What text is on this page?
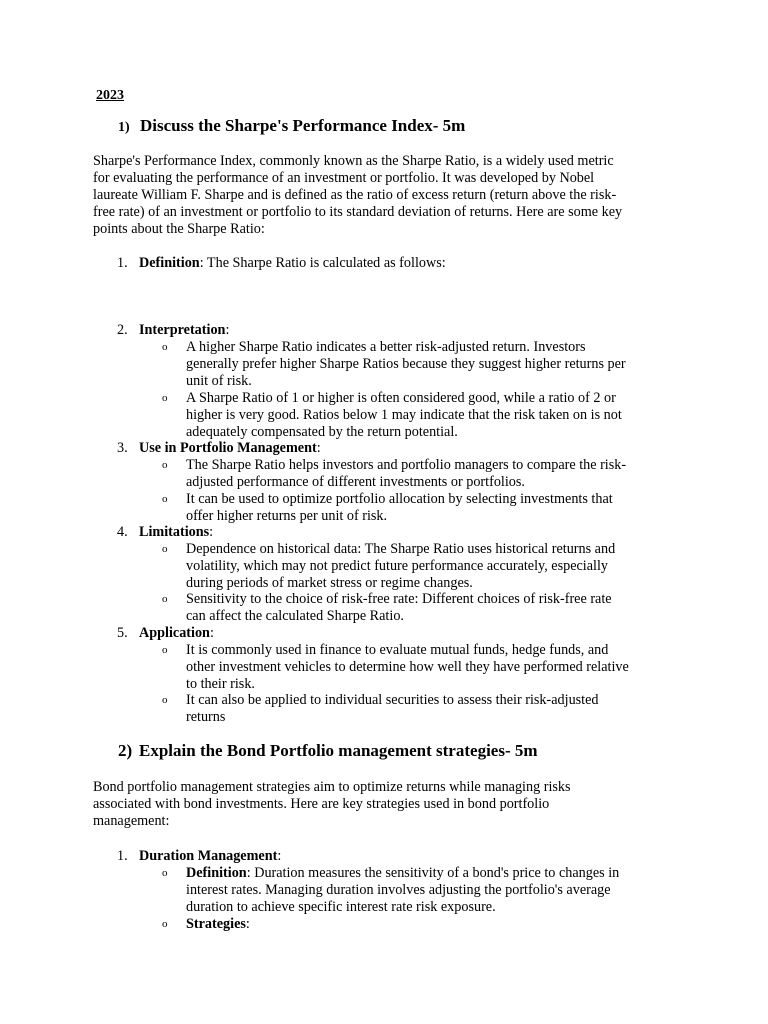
2023
1) Discuss the Sharpe's Performance Index- 5m
Sharpe's Performance Index, commonly known as the Sharpe Ratio, is a widely used metric
for evaluating the performance of an investment or portfolio. It was developed by Nobel
laureate William F. Sharpe and is defined as the ratio of excess return (return above the risk-
free rate) of an investment or portfolio to its standard deviation of returns. Here are some key
points about the Sharpe Ratio:
1. Definition: The Sharpe Ratio is calculated as follows:
2. Interpretation:
o A higher Sharpe Ratio indicates a better risk-adjusted return. Investors
generally prefer higher Sharpe Ratios because they suggest higher returns per
unit of risk.
o A Sharpe Ratio of 1 or higher is often considered good, while a ratio of 2 or
higher is very good. Ratios below 1 may indicate that the risk taken on is not
adequately compensated by the return potential.
3. Use in Portfolio Management:
o The Sharpe Ratio helps investors and portfolio managers to compare the risk-
adjusted performance of different investments or portfolios.
o It can be used to optimize portfolio allocation by selecting investments that
offer higher returns per unit of risk.
4. Limitations:
o Dependence on historical data: The Sharpe Ratio uses historical returns and
volatility, which may not predict future performance accurately, especially
during periods of market stress or regime changes.
o Sensitivity to the choice of risk-free rate: Different choices of risk-free rate
can affect the calculated Sharpe Ratio.
5. Application:
o It is commonly used in finance to evaluate mutual funds, hedge funds, and
other investment vehicles to determine how well they have performed relative
to their risk.
o It can also be applied to individual securities to assess their risk-adjusted
returns
2) Explain the Bond Portfolio management strategies- 5m
Bond portfolio management strategies aim to optimize returns while managing risks
associated with bond investments. Here are key strategies used in bond portfolio
management:
1. Duration Management:
o Definition: Duration measures the sensitivity of a bond's price to changes in
interest rates. Managing duration involves adjusting the portfolio's average
duration to achieve specific interest rate risk exposure.
o Strategies:
